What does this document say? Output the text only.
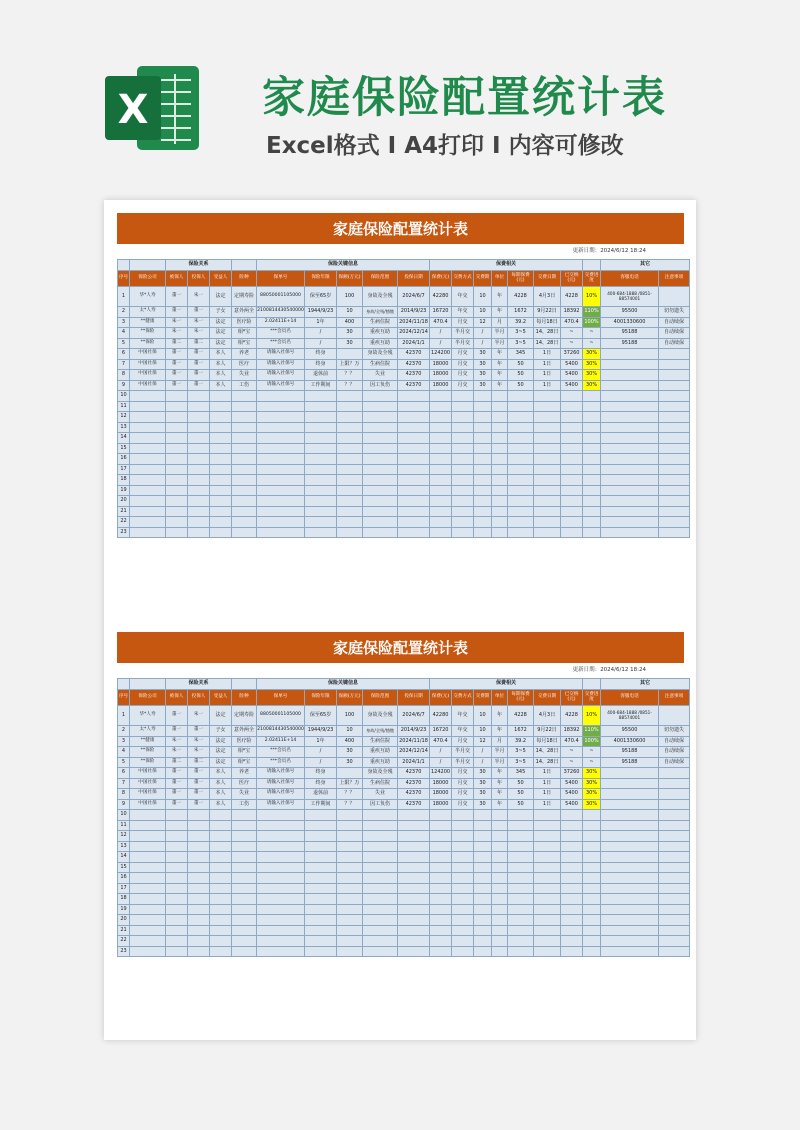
X	家庭保险配置统计表
Excel格式 I A4打印 I 内容可修改
家庭保险配置统计表
更新日期：2024/6/12 18:24
		保险关系				保险关键信息					保费相关								其它	
序号	保险公司	被保人	投保人	受益人	险种	保单号	保险年限	保额(万元)	保险范围	投保日期	保费(元)	交费方式	交费期	单位	每期保费(元)	交费日期	已交纳(元)	交费进度	客服电话	注意事项
1	华*人寿	董一	朱一	法定	定期寿险	88050001105000	保至65岁	100	身故及全残	2024/6/7	42280	年交	10	年	4228	4月3日	4228	10%	400-684-1888 /0851-88574001	
2	太*人寿	董一	董一	子女	意外两全	2100814430540000	1944/9/23	10	身故/全残/豁缴	2014/9/23	16720	年交	10	年	1672	9月22日	18392	110%	95500	切勿遗失
3	**健康	朱一	朱一	法定	医疗险	2.02411E+14	1年	400	生病住院	2024/11/18	470.4	月交	12	月	39.2	每月18日	470.4	100%	4001330600	自动续保
4	**保险	朱一	朱一	法定	相*宝	***会员名	/	30	重疾互助	2024/12/14	/	半月交	/	半月	3~5	14、28日	~	~	95188	自动续保
5	**保险	董二	董二	法定	相*宝	***会员名	/	30	重疾互助	2024/1/1	/	半月交	/	半月	3~5	14、28日	~	~	95188	自动续保
6	中国社保	董一	董一	本人	养老	请输入社保号	终身		身故及全残	42370	124200	月交	30	年	345	1日	37260	30%		
7	中国社保	董一	董一	本人	医疗	请输入社保号	终身	上限？万	生病住院	42370	18000	月交	30	年	50	1日	5400	30%		
8	中国社保	董一	董一	本人	失业	请输入社保号	退休前	？？	失业	42370	18000	月交	30	年	50	1日	5400	30%		
9	中国社保	董一	董一	本人	工伤	请输入社保号	工作期间	？？	因工负伤	42370	18000	月交	30	年	50	1日	5400	30%		
10																				
11																				
12																				
13																				
14																				
15																				
16																				
17																				
18																				
19																				
20																				
21																				
22																				
23																				
家庭保险配置统计表
更新日期：2024/6/12 18:24
		保险关系				保险关键信息					保费相关								其它	
序号	保险公司	被保人	投保人	受益人	险种	保单号	保险年限	保额(万元)	保险范围	投保日期	保费(元)	交费方式	交费期	单位	每期保费(元)	交费日期	已交纳(元)	交费进度	客服电话	注意事项
1	华*人寿	董一	朱一	法定	定期寿险	88050001105000	保至65岁	100	身故及全残	2024/6/7	42280	年交	10	年	4228	4月3日	4228	10%	400-684-1888 /0851-88574001	
2	太*人寿	董一	董一	子女	意外两全	2100814430540000	1944/9/23	10	身故/全残/豁缴	2014/9/23	16720	年交	10	年	1672	9月22日	18392	110%	95500	切勿遗失
3	**健康	朱一	朱一	法定	医疗险	2.02411E+14	1年	400	生病住院	2024/11/18	470.4	月交	12	月	39.2	每月18日	470.4	100%	4001330600	自动续保
4	**保险	朱一	朱一	法定	相*宝	***会员名	/	30	重疾互助	2024/12/14	/	半月交	/	半月	3~5	14、28日	~	~	95188	自动续保
5	**保险	董二	董二	法定	相*宝	***会员名	/	30	重疾互助	2024/1/1	/	半月交	/	半月	3~5	14、28日	~	~	95188	自动续保
6	中国社保	董一	董一	本人	养老	请输入社保号	终身		身故及全残	42370	124200	月交	30	年	345	1日	37260	30%		
7	中国社保	董一	董一	本人	医疗	请输入社保号	终身	上限？万	生病住院	42370	18000	月交	30	年	50	1日	5400	30%		
8	中国社保	董一	董一	本人	失业	请输入社保号	退休前	？？	失业	42370	18000	月交	30	年	50	1日	5400	30%		
9	中国社保	董一	董一	本人	工伤	请输入社保号	工作期间	？？	因工负伤	42370	18000	月交	30	年	50	1日	5400	30%		
10																				
11																				
12																				
13																				
14																				
15																				
16																				
17																				
18																				
19																				
20																				
21																				
22																				
23																				
